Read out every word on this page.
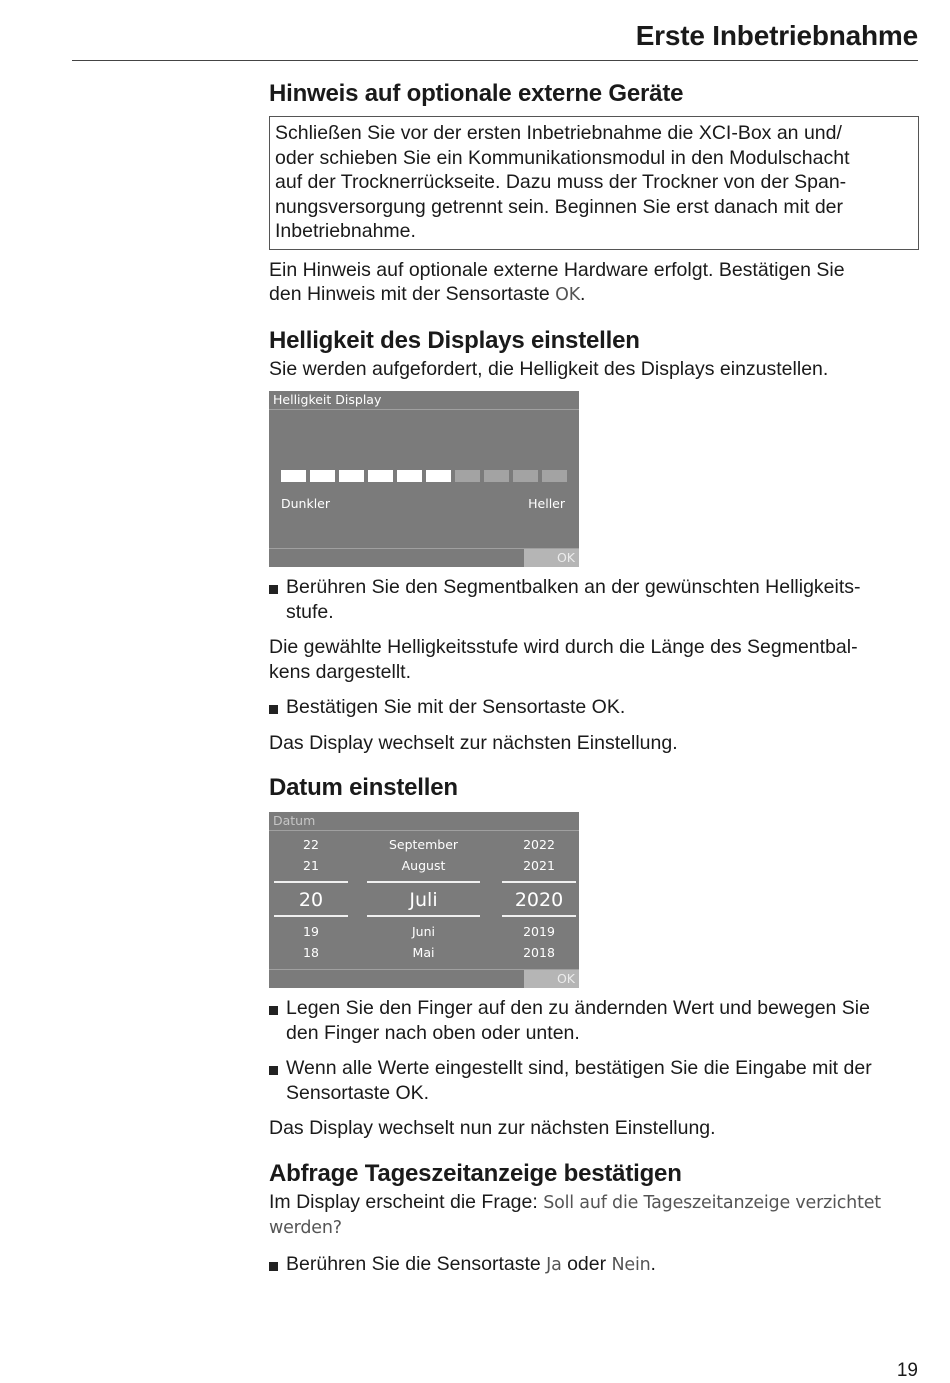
Erste Inbetriebnahme
Hinweis auf optionale externe Geräte
Schließen Sie vor der ersten Inbetriebnahme die XCI-Box an und/
oder schieben Sie ein Kommunikationsmodul in den Modulschacht
auf der Trocknerrückseite. Dazu muss der Trockner von der Span-
nungsversorgung getrennt sein. Beginnen Sie erst danach mit der
Inbetriebnahme.

Ein Hinweis auf optionale externe Hardware erfolgt. Bestätigen Sie
den Hinweis mit der Sensortaste OK.

Helligkeit des Displays einstellen

Sie werden aufgefordert, die Helligkeit des Displays einzustellen.

Helligkeit Display
Dunkler	Heller
OK
Berühren Sie den Segmentbalken an der gewünschten Helligkeits-
stufe.

Die gewählte Helligkeitsstufe wird durch die Länge des Segmentbal-
kens dargestellt.

Bestätigen Sie mit der Sensortaste OK.

Das Display wechselt zur nächsten Einstellung.

Datum einstellen
Datum
22
21
20
19
18
September
August
Juli
Juni
Mai
2022
2021
2020
2019
2018
OK
Legen Sie den Finger auf den zu ändernden Wert und bewegen Sie
den Finger nach oben oder unten.
Wenn alle Werte eingestellt sind, bestätigen Sie die Eingabe mit der
Sensortaste OK.

Das Display wechselt nun zur nächsten Einstellung.

Abfrage Tageszeitanzeige bestätigen

Im Display erscheint die Frage: Soll auf die Tageszeitanzeige verzichtet
werden?

Berühren Sie die Sensortaste Ja oder Nein.
19
